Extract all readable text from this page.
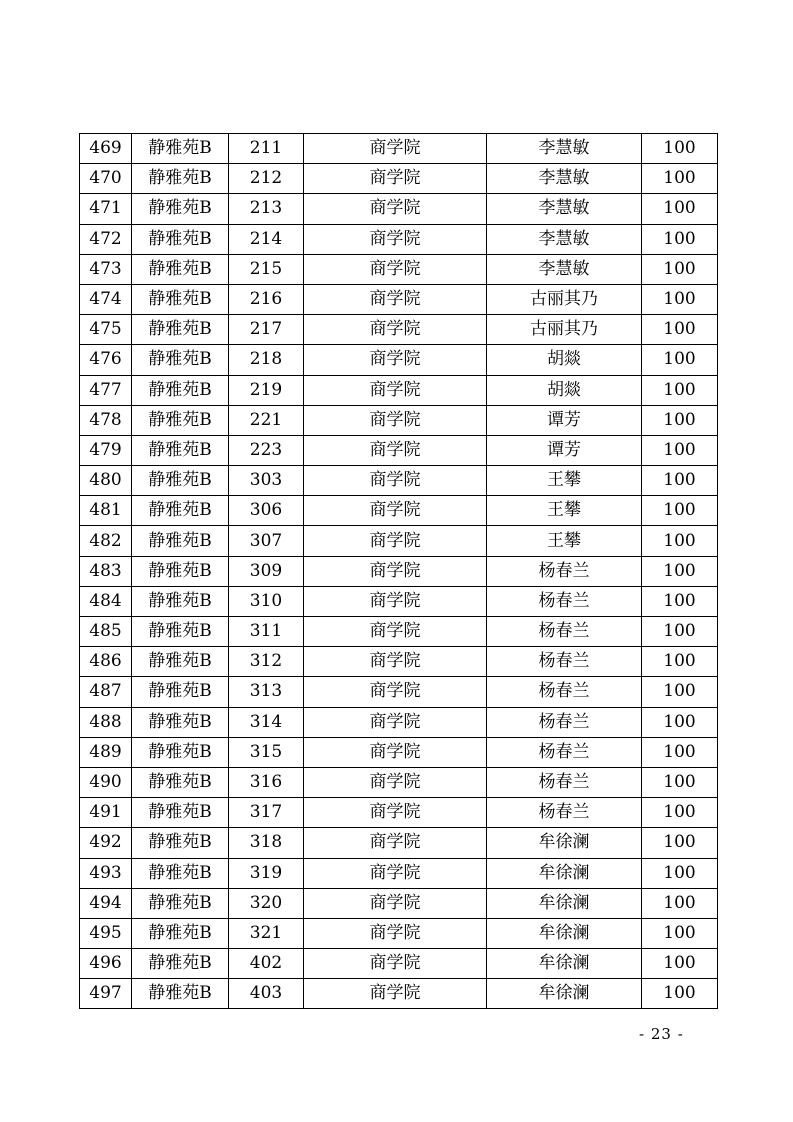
469	静雅苑B	211	商学院	李慧敏	100
470	静雅苑B	212	商学院	李慧敏	100
471	静雅苑B	213	商学院	李慧敏	100
472	静雅苑B	214	商学院	李慧敏	100
473	静雅苑B	215	商学院	李慧敏	100
474	静雅苑B	216	商学院	古丽其乃	100
475	静雅苑B	217	商学院	古丽其乃	100
476	静雅苑B	218	商学院	胡燚	100
477	静雅苑B	219	商学院	胡燚	100
478	静雅苑B	221	商学院	谭芳	100
479	静雅苑B	223	商学院	谭芳	100
480	静雅苑B	303	商学院	王攀	100
481	静雅苑B	306	商学院	王攀	100
482	静雅苑B	307	商学院	王攀	100
483	静雅苑B	309	商学院	杨春兰	100
484	静雅苑B	310	商学院	杨春兰	100
485	静雅苑B	311	商学院	杨春兰	100
486	静雅苑B	312	商学院	杨春兰	100
487	静雅苑B	313	商学院	杨春兰	100
488	静雅苑B	314	商学院	杨春兰	100
489	静雅苑B	315	商学院	杨春兰	100
490	静雅苑B	316	商学院	杨春兰	100
491	静雅苑B	317	商学院	杨春兰	100
492	静雅苑B	318	商学院	牟徐澜	100
493	静雅苑B	319	商学院	牟徐澜	100
494	静雅苑B	320	商学院	牟徐澜	100
495	静雅苑B	321	商学院	牟徐澜	100
496	静雅苑B	402	商学院	牟徐澜	100
497	静雅苑B	403	商学院	牟徐澜	100
- 23 -
